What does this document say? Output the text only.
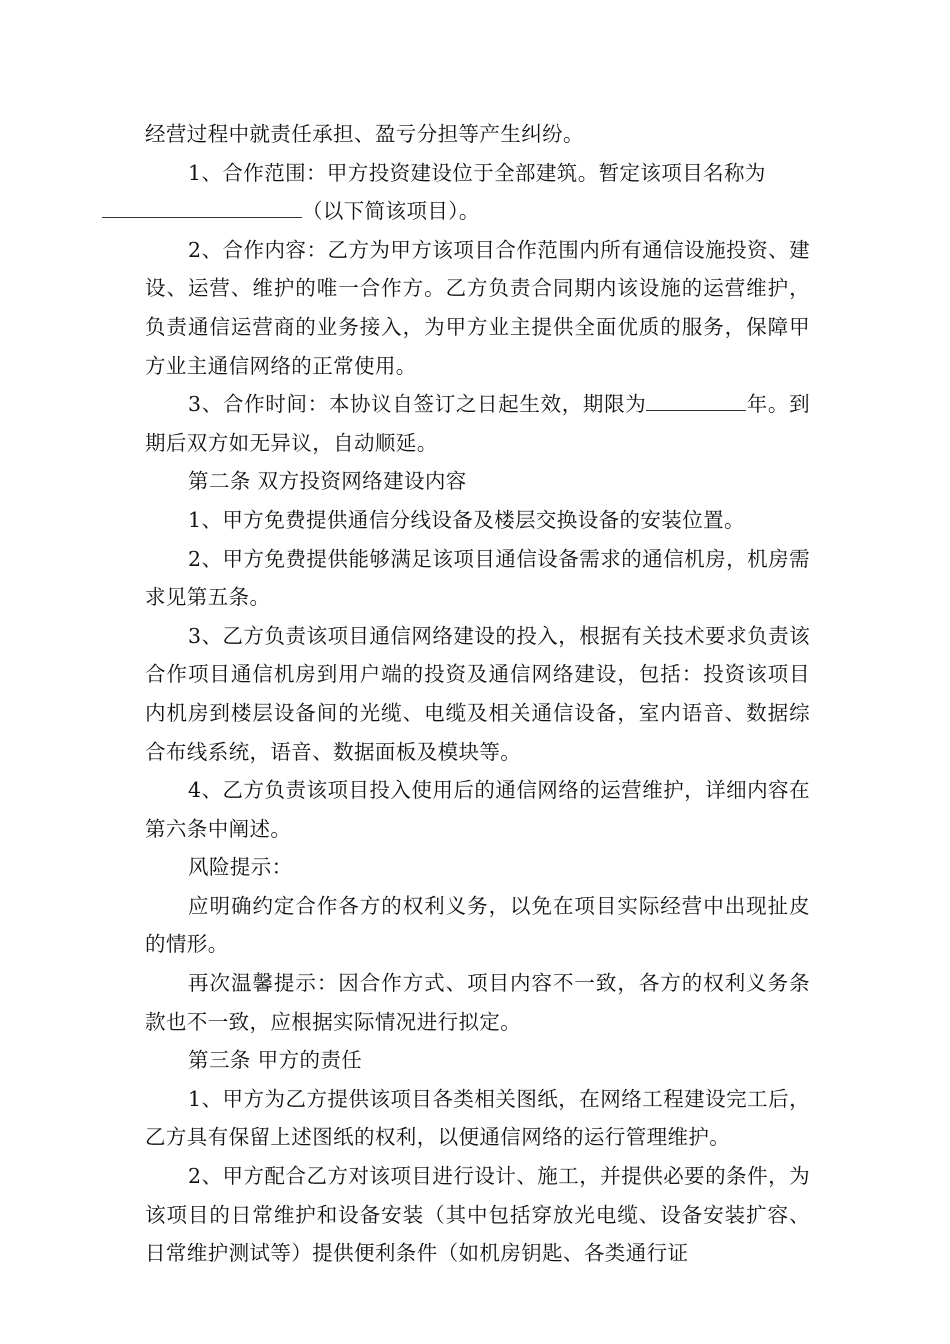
经营过程中就责任承担、盈亏分担等产生纠纷。

1、合作范围：甲方投资建设位于全部建筑。暂定该项目名称为
（以下简该项目）。

2、合作内容：乙方为甲方该项目合作范围内所有通信设施投资、建设、运营、维护的唯一合作方。乙方负责合同期内该设施的运营维护，负责通信运营商的业务接入，为甲方业主提供全面优质的服务，保障甲方业主通信网络的正常使用。

3、合作时间：本协议自签订之日起生效，期限为	年。到期后双方如无异议，自动顺延。

第二条 双方投资网络建设内容

1、甲方免费提供通信分线设备及楼层交换设备的安装位置。

2、甲方免费提供能够满足该项目通信设备需求的通信机房，机房需求见第五条。

3、乙方负责该项目通信网络建设的投入，根据有关技术要求负责该合作项目通信机房到用户端的投资及通信网络建设，包括：投资该项目内机房到楼层设备间的光缆、电缆及相关通信设备，室内语音、数据综合布线系统，语音、数据面板及模块等。

4、乙方负责该项目投入使用后的通信网络的运营维护，详细内容在第六条中阐述。

风险提示：

应明确约定合作各方的权利义务，以免在项目实际经营中出现扯皮的情形。

再次温馨提示：因合作方式、项目内容不一致，各方的权利义务条款也不一致，应根据实际情况进行拟定。

第三条 甲方的责任

1、甲方为乙方提供该项目各类相关图纸，在网络工程建设完工后，乙方具有保留上述图纸的权利，以便通信网络的运行管理维护。

2、甲方配合乙方对该项目进行设计、施工，并提供必要的条件，为该项目的日常维护和设备安装（其中包括穿放光电缆、设备安装扩容、日常维护测试等）提供便利条件（如机房钥匙、各类通行证
